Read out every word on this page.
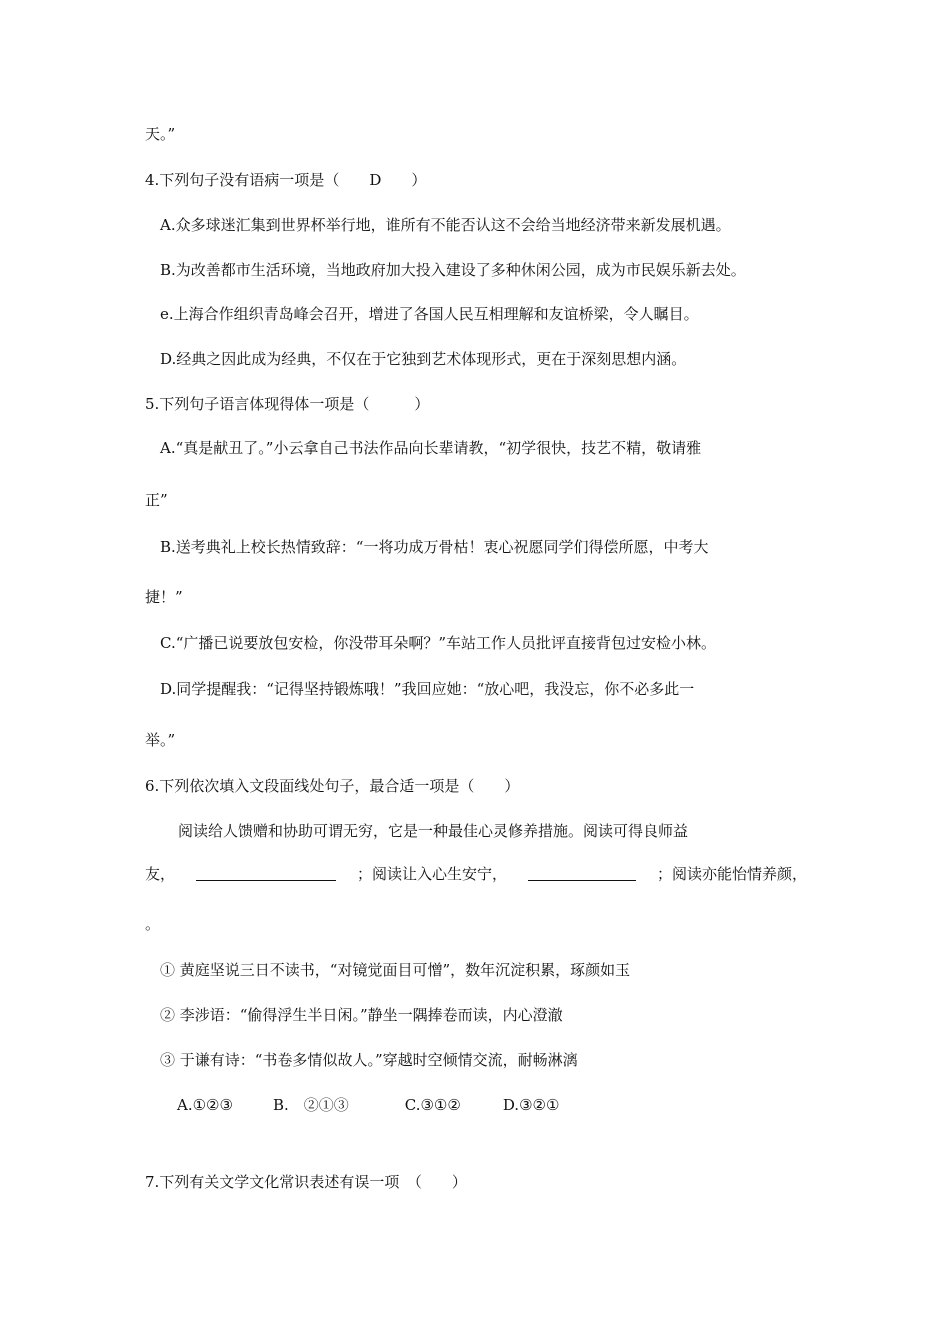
天。”
4.下列句子没有语病一项是（　　D　　）
A.众多球迷汇集到世界杯举行地，谁所有不能否认这不会给当地经济带来新发展机遇。
B.为改善都市生活环境，当地政府加大投入建设了多种休闲公园，成为市民娱乐新去处。
e.上海合作组织青岛峰会召开，增进了各国人民互相理解和友谊桥梁，令人瞩目。
D.经典之因此成为经典，不仅在于它独到艺术体现形式，更在于深刻思想内涵。
5.下列句子语言体现得体一项是（　　　）
A.“真是献丑了。”小云拿自己书法作品向长辈请教，“初学很快，技艺不精，敬请雅
正”
B.送考典礼上校长热情致辞：“一将功成万骨枯！衷心祝愿同学们得偿所愿，中考大
捷！”
C.“广播已说要放包安检，你没带耳朵啊？”车站工作人员批评直接背包过安检小林。
D.同学提醒我：“记得坚持锻炼哦！”我回应她：“放心吧，我没忘，你不必多此一
举。”
6.下列依次填入文段面线处句子，最合适一项是（　　）
阅读给人馈赠和协助可谓无穷，它是一种最佳心灵修养措施。阅读可得良师益
友，	；阅读让入心生安宁，	；阅读亦能怡情养颜，
。
① 黄庭坚说三日不读书，“对镜觉面目可憎”，数年沉淀积累，琢颜如玉
② 李涉语：“偷得浮生半日闲。”静坐一隅捧卷而读，内心澄澈
③ 于谦有诗：“书卷多情似故人。”穿越时空倾情交流，耐畅淋漓
A.①②③	B.　②①③	C.③①②	D.③②①
7.下列有关文学文化常识表述有误一项　（　　）
